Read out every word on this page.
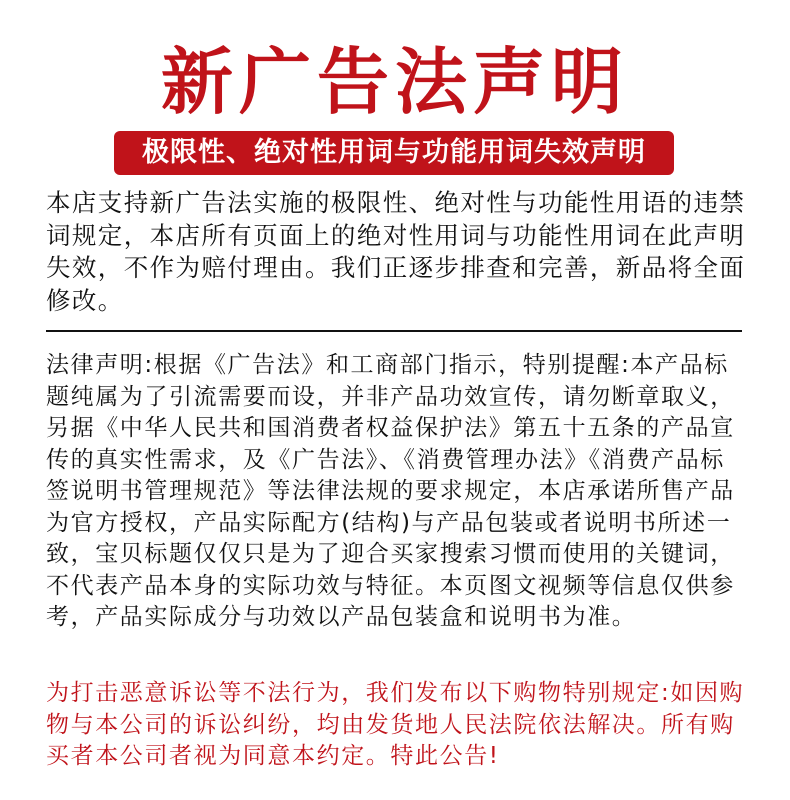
新广告法声明
极限性、绝对性用词与功能用词失效声明

本店支持新广告法实施的极限性、绝对性与功能性用语的违禁词规定，本店所有页面上的绝对性用词与功能性用词在此声明失效，不作为赔付理由。我们正逐步排查和完善，新品将全面修改。

法律声明:根据《广告法》和工商部门指示，特别提醒:本产品标题纯属为了引流需要而设，并非产品功效宣传，请勿断章取义，另据《中华人民共和国消费者权益保护法》第五十五条的产品宣传的真实性需求，及《广告法》、《消费管理办法》《消费产品标签说明书管理规范》等法律法规的要求规定，本店承诺所售产品为官方授权，产品实际配方(结构)与产品包装或者说明书所述一致，宝贝标题仅仅只是为了迎合买家搜索习惯而使用的关键词，不代表产品本身的实际功效与特征。本页图文视频等信息仅供参考，产品实际成分与功效以产品包装盒和说明书为准。

为打击恶意诉讼等不法行为，我们发布以下购物特别规定:如因购物与本公司的诉讼纠纷，均由发货地人民法院依法解决。所有购买者本公司者视为同意本约定。特此公告!
